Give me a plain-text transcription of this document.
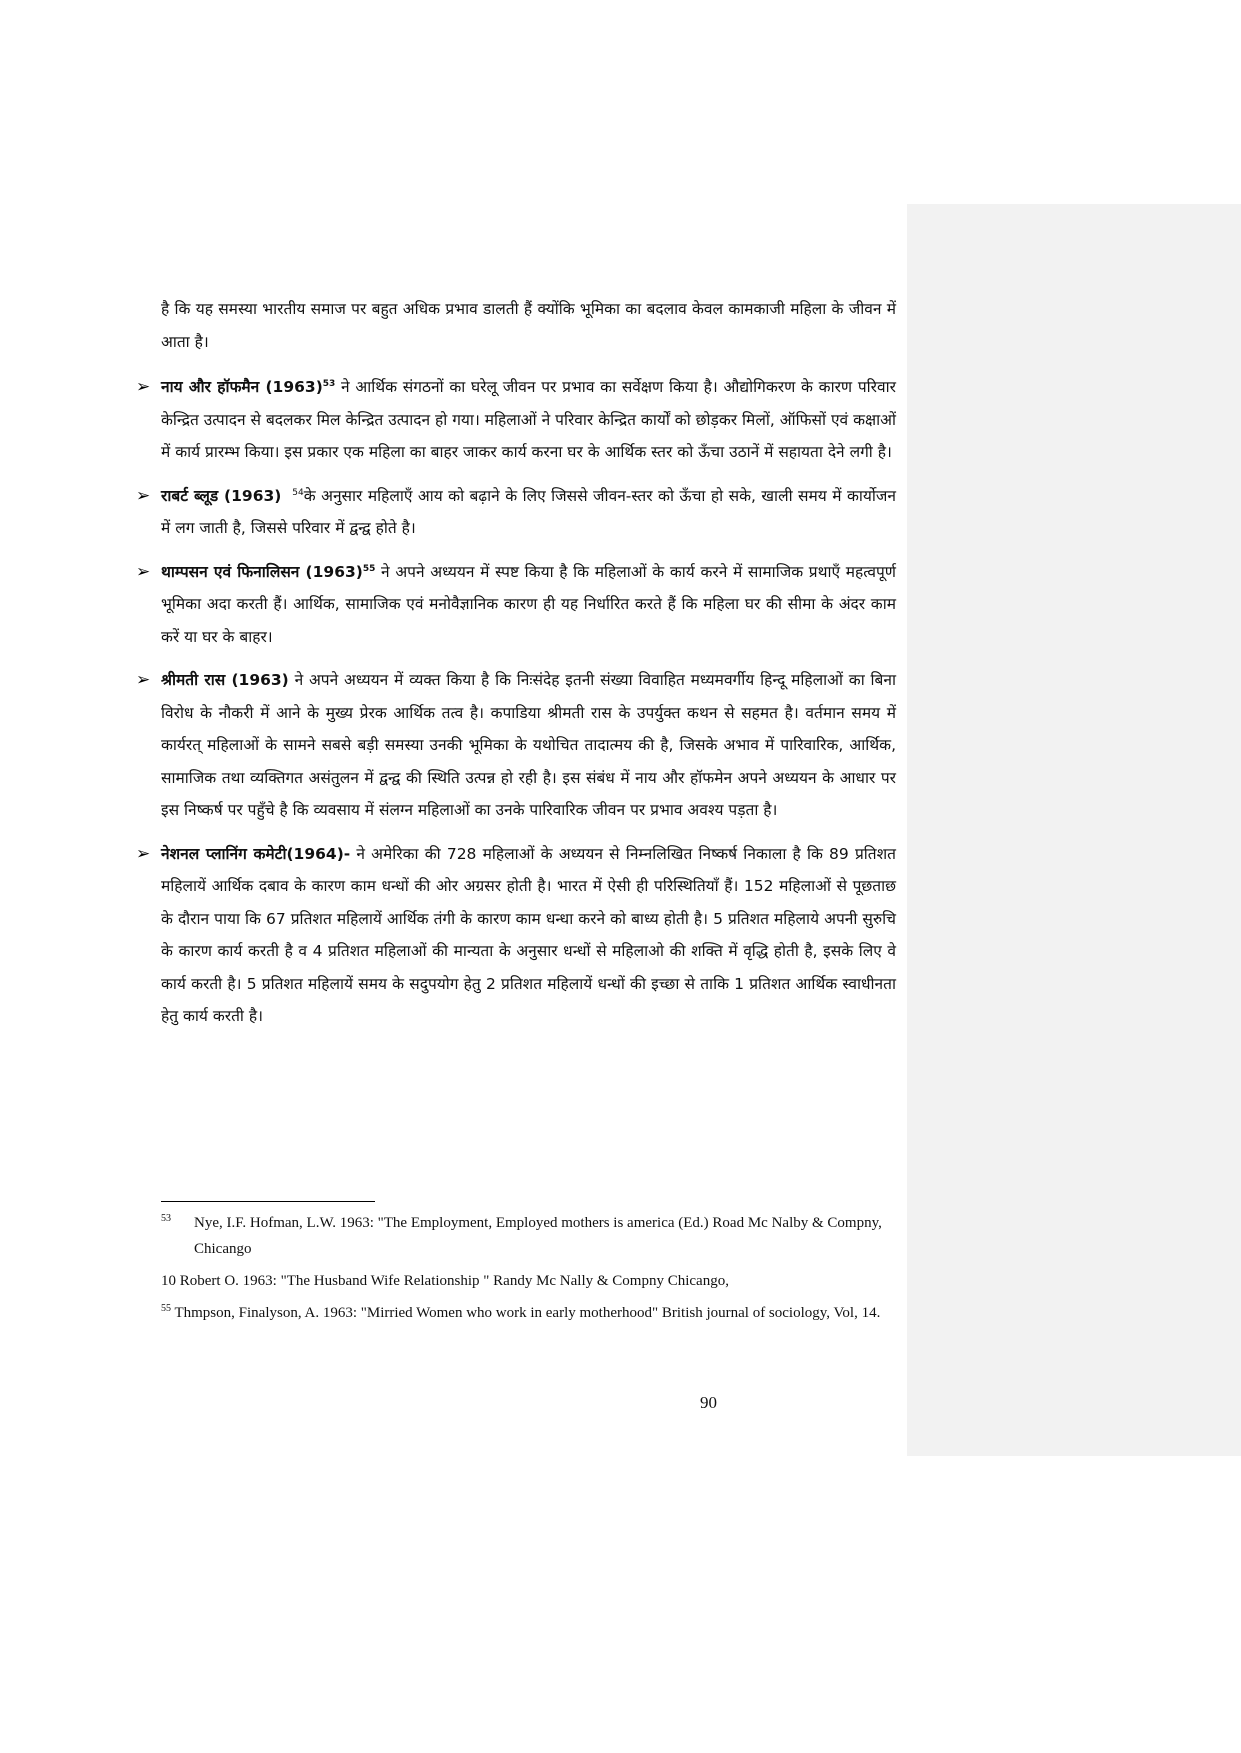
है कि यह समस्या भारतीय समाज पर बहुत अधिक प्रभाव डालती हैं क्योंकि भूमिका का बदलाव केवल कामकाजी महिला के जीवन में आता है।

➢ नाय और हॉफमैन (1963)$^{53}$ ने आर्थिक संगठनों का घरेलू जीवन पर प्रभाव का सर्वेक्षण किया है। औद्योगिकरण के कारण परिवार केन्द्रित उत्पादन से बदलकर मिल केन्द्रित उत्पादन हो गया। महिलाओं ने परिवार केन्द्रित कार्यों को छोड़कर मिलों, ऑफिसों एवं कक्षाओं में कार्य प्रारम्भ किया। इस प्रकार एक महिला का बाहर जाकर कार्य करना घर के आर्थिक स्तर को ऊँचा उठानें में सहायता देने लगी है।

➢ राबर्ट ब्लूड (1963) $^{54}$के अनुसार महिलाएँ आय को बढ़ाने के लिए जिससे जीवन-स्तर को ऊँचा हो सके, खाली समय में कार्योजन में लग जाती है, जिससे परिवार में द्वन्द्व होते है।

➢ थाम्पसन एवं फिनालिसन (1963)$^{55}$ ने अपने अध्ययन में स्पष्ट किया है कि महिलाओं के कार्य करने में सामाजिक प्रथाएँ महत्वपूर्ण भूमिका अदा करती हैं। आर्थिक, सामाजिक एवं मनोवैज्ञानिक कारण ही यह निर्धारित करते हैं कि महिला घर की सीमा के अंदर काम करें या घर के बाहर।

➢ श्रीमती रास (1963) ने अपने अध्ययन में व्यक्त किया है कि निःसंदेह इतनी संख्या विवाहित मध्यमवर्गीय हिन्दू महिलाओं का बिना विरोध के नौकरी में आने के मुख्य प्रेरक आर्थिक तत्व है। कपाडिया श्रीमती रास के उपर्युक्त कथन से सहमत है। वर्तमान समय में कार्यरत् महिलाओं के सामने सबसे बड़ी समस्या उनकी भूमिका के यथोचित तादात्मय की है, जिसके अभाव में पारिवारिक, आर्थिक, सामाजिक तथा व्यक्तिगत असंतुलन में द्वन्द्व की स्थिति उत्पन्न हो रही है। इस संबंध में नाय और हॉफमेन अपने अध्ययन के आधार पर इस निष्कर्ष पर पहुँचे है कि व्यवसाय में संलग्न महिलाओं का उनके पारिवारिक जीवन पर प्रभाव अवश्य पड़ता है।

➢ नेशनल प्लानिंग कमेटी(1964)- ने अमेरिका की 728 महिलाओं के अध्ययन से निम्नलिखित निष्कर्ष निकाला है कि 89 प्रतिशत महिलायें आर्थिक दबाव के कारण काम धन्धों की ओर अग्रसर होती है। भारत में ऐसी ही परिस्थितियाँ हैं। 152 महिलाओं से पूछताछ के दौरान पाया कि 67 प्रतिशत महिलायें आर्थिक तंगी के कारण काम धन्धा करने को बाध्य होती है। 5 प्रतिशत महिलाये अपनी सुरुचि के कारण कार्य करती है व 4 प्रतिशत महिलाओं की मान्यता के अनुसार धन्धों से महिलाओ की शक्ति में वृद्धि होती है, इसके लिए वे कार्य करती है। 5 प्रतिशत महिलायें समय के सदुपयोग हेतु 2 प्रतिशत महिलायें धन्धों की इच्छा से ताकि 1 प्रतिशत आर्थिक स्वाधीनता हेतु कार्य करती है।

53 Nye, I.F. Hofman, L.W. 1963: "The Employment, Employed mothers is america (Ed.) Road Mc Nalby & Compny, Chicango

10 Robert O. 1963: "The Husband Wife Relationship " Randy Mc Nally & Compny Chicango,

$^{55}$ Thmpson, Finalyson, A. 1963: "Mirried Women who work in early motherhood" British journal of sociology, Vol, 14.

90
